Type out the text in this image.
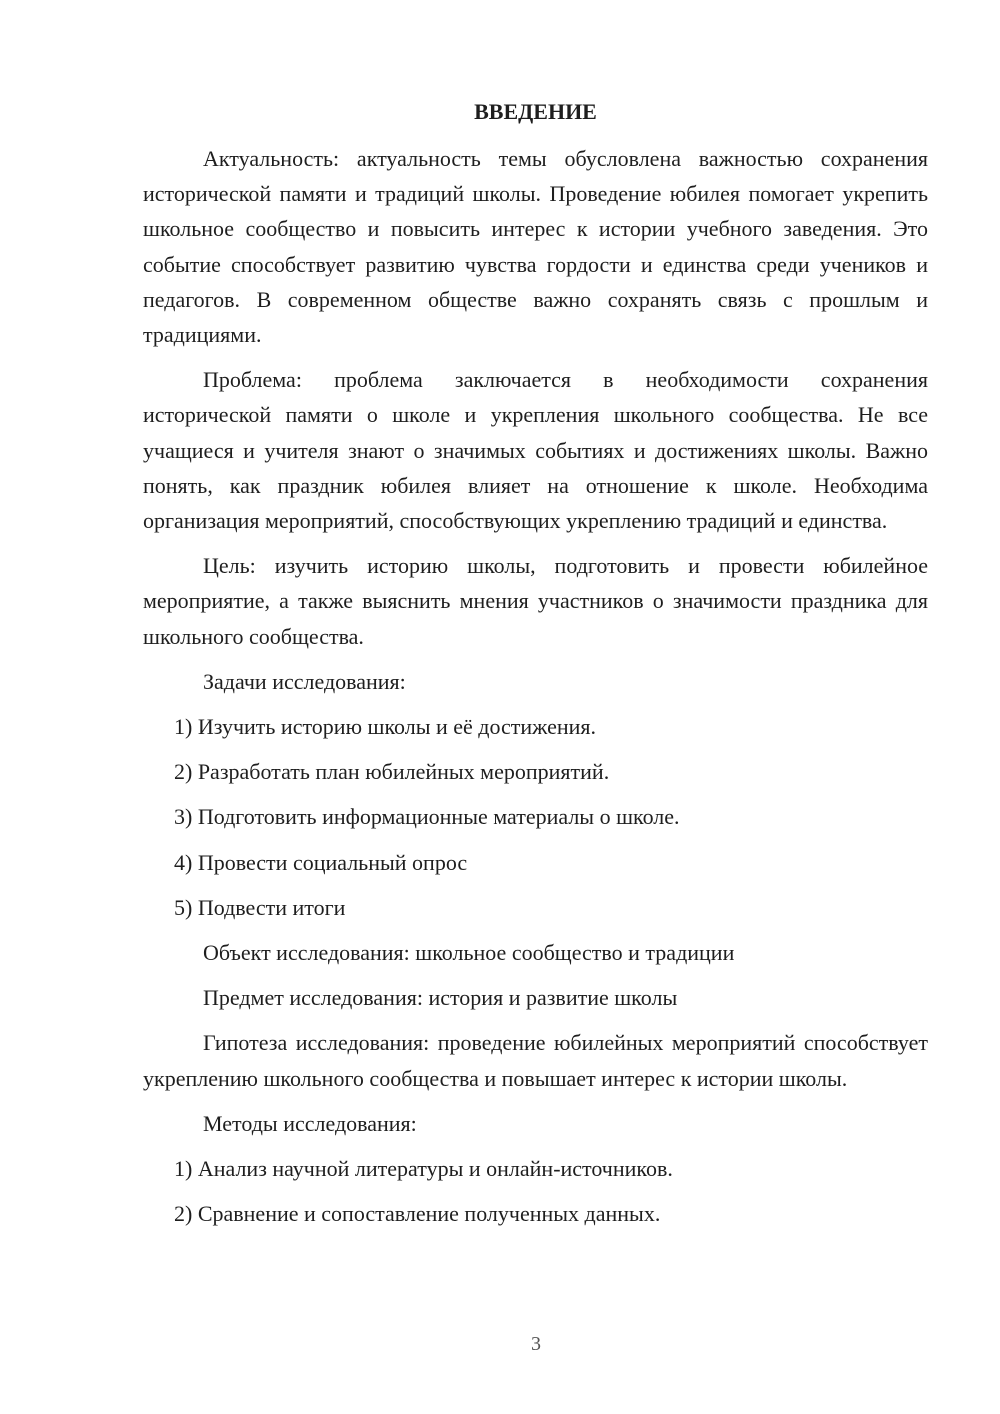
ВВЕДЕНИЕ

Актуальность: актуальность темы обусловлена важностью сохранения исторической памяти и традиций школы. Проведение юбилея помогает укрепить школьное сообщество и повысить интерес к истории учебного заведения. Это событие способствует развитию чувства гордости и единства среди учеников и педагогов. В современном обществе важно сохранять связь с прошлым и традициями.

Проблема: проблема заключается в необходимости сохранения исторической памяти о школе и укрепления школьного сообщества. Не все учащиеся и учителя знают о значимых событиях и достижениях школы. Важно понять, как праздник юбилея влияет на отношение к школе. Необходима организация мероприятий, способствующих укреплению традиций и единства.

Цель: изучить историю школы, подготовить и провести юбилейное мероприятие, а также выяснить мнения участников о значимости праздника для школьного сообщества.

Задачи исследования:

1) Изучить историю школы и её достижения.

2) Разработать план юбилейных мероприятий.

3) Подготовить информационные материалы о школе.

4) Провести социальный опрос

5) Подвести итоги

Объект исследования: школьное сообщество и традиции

Предмет исследования: история и развитие школы

Гипотеза исследования: проведение юбилейных мероприятий способствует укреплению школьного сообщества и повышает интерес к истории школы.

Методы исследования:

1) Анализ научной литературы и онлайн-источников.

2) Сравнение и сопоставление полученных данных.

3
